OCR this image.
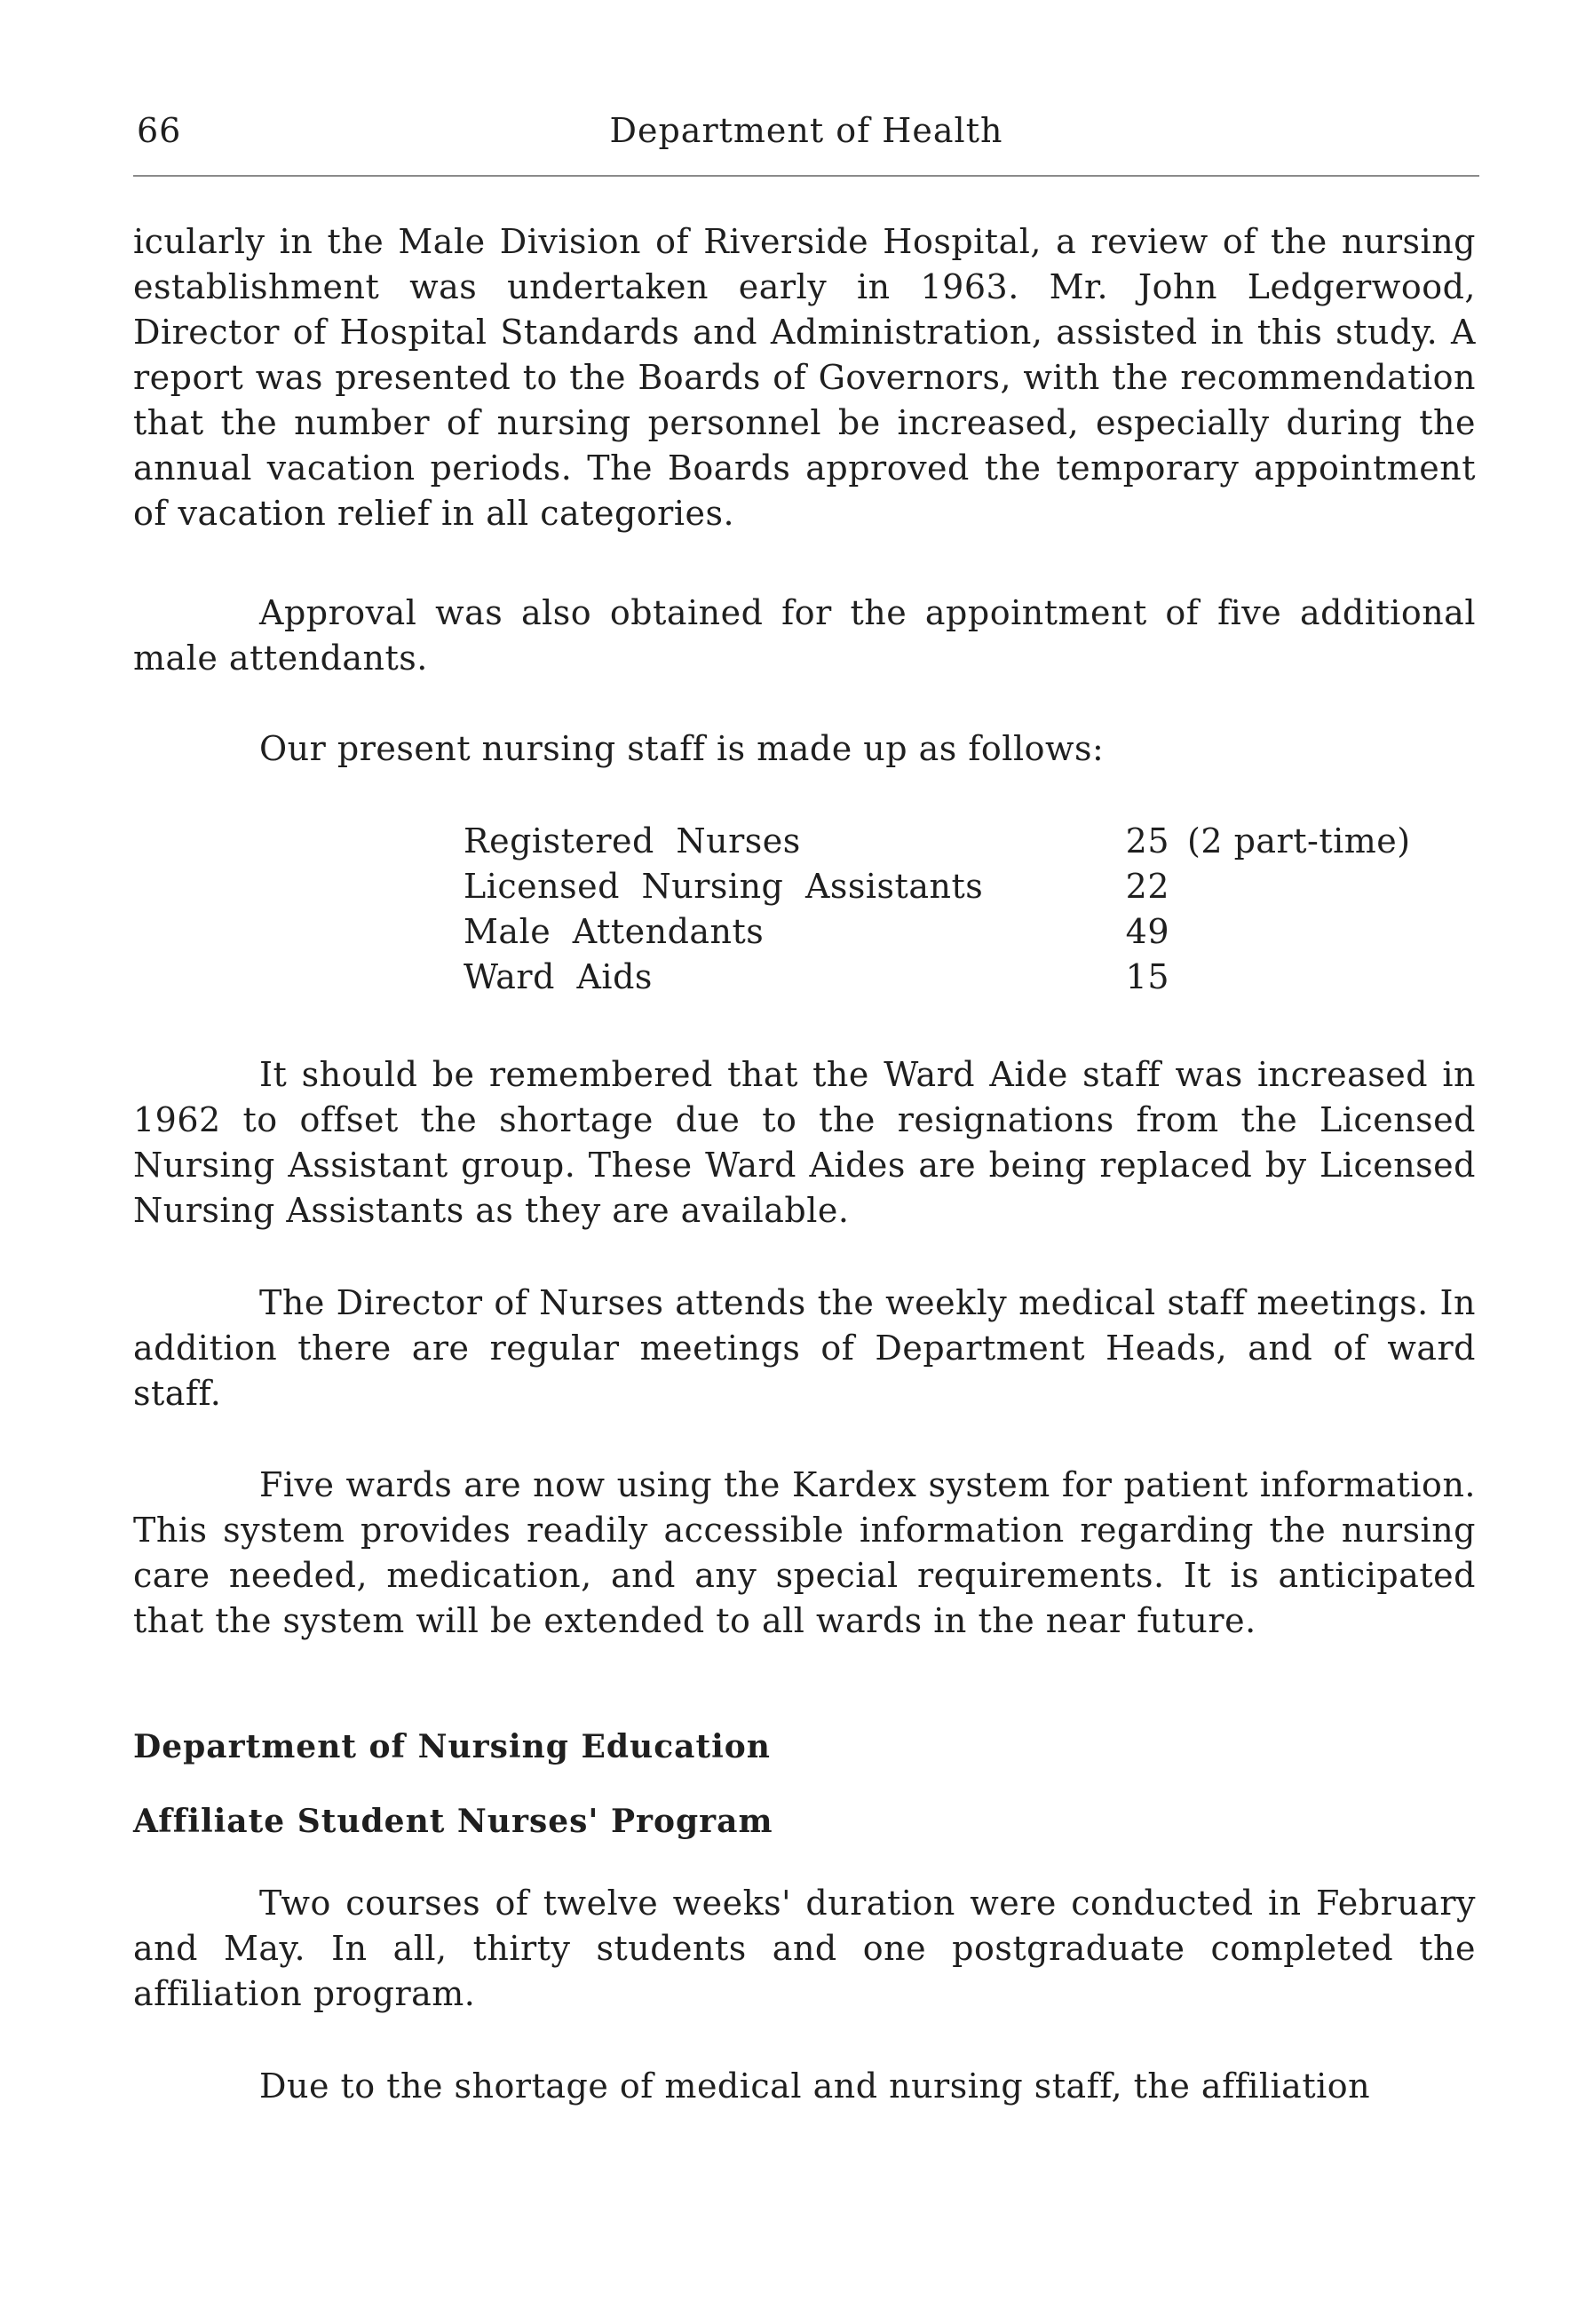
66	Department of Health

icularly in the Male Division of Riverside Hospital, a review of the nursing establishment was undertaken early in 1963. Mr. John Ledgerwood, Director of Hospital Standards and Administration, assisted in this study. A report was presented to the Boards of Governors, with the recommendation that the number of nursing personnel be increased, especially during the annual vacation periods. The Boards approved the temporary appointment of vacation relief in all categories.

Approval was also obtained for the appointment of five additional male attendants.

Our present nursing staff is made up as follows:

Registered Nurses	25 (2 part-time)
Licensed Nursing Assistants	22
Male Attendants	49
Ward Aids	15

It should be remembered that the Ward Aide staff was increased in 1962 to offset the shortage due to the resignations from the Licensed Nursing Assistant group. These Ward Aides are being replaced by Licensed Nursing Assistants as they are available.

The Director of Nurses attends the weekly medical staff meetings. In addition there are regular meetings of Department Heads, and of ward staff.

Five wards are now using the Kardex system for patient information. This system provides readily accessible information regarding the nursing care needed, medication, and any special requirements. It is anticipated that the system will be extended to all wards in the near future.

Department of Nursing Education
Affiliate Student Nurses' Program

Two courses of twelve weeks' duration were conducted in February and May. In all, thirty students and one postgraduate completed the affiliation program.

Due to the shortage of medical and nursing staff, the affiliation
